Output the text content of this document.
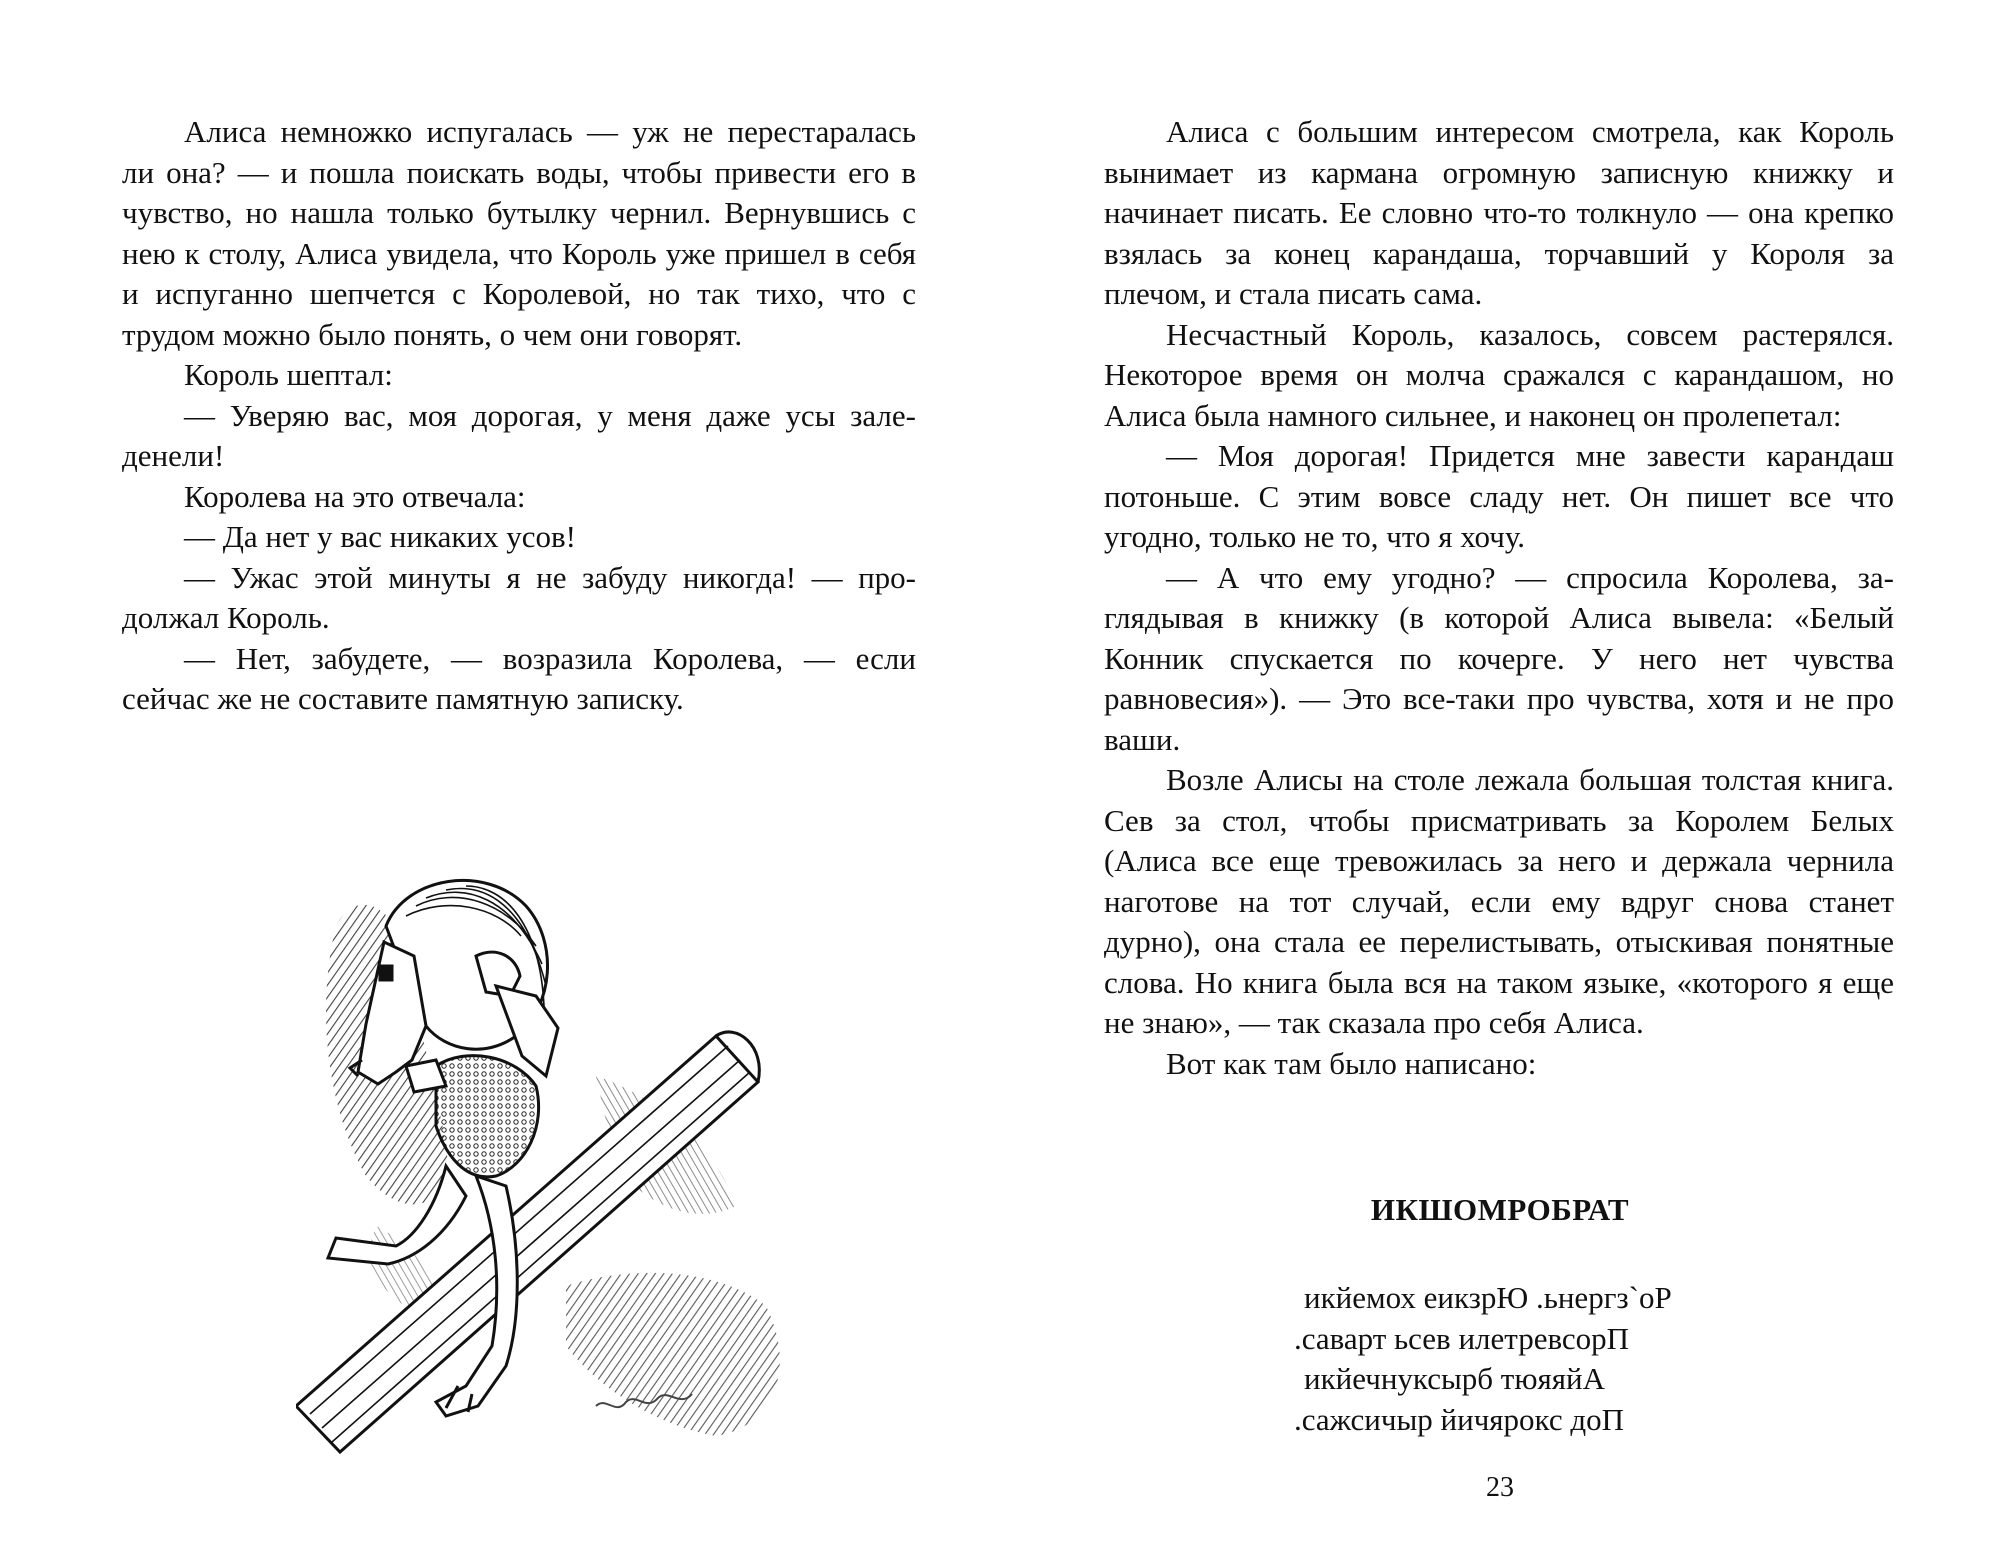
Алиса немножко испугалась — уж не перестаралась ли она? — и пошла поискать воды, чтобы привести его в чувство, но нашла только бутылку чернил. Вернувшись с нею к столу, Алиса увидела, что Король уже пришел в себя и испуганно шепчется с Королевой, но так тихо, что с трудом можно было понять, о чем они говорят.

Король шептал:

— Уверяю вас, моя дорогая, у меня даже усы заледенели!

Королева на это отвечала:

— Да нет у вас никаких усов!

— Ужас этой минуты я не забуду никогда! — продолжал Король.

— Нет, забудете, — возразила Королева, — если сейчас же не составите памятную записку.

Алиса с большим интересом смотрела, как Король вынимает из кармана огромную записную книжку и начинает писать. Ее словно что-то толкнуло — она крепко взялась за конец карандаша, торчавший у Короля за плечом, и стала писать сама.

Несчастный Король, казалось, совсем растерялся. Некоторое время он молча сражался с карандашом, но Алиса была намного сильнее, и наконец он пролепетал:

— Моя дорогая! Придется мне завести карандаш потоньше. С этим вовсе сладу нет. Он пишет все что угодно, только не то, что я хочу.

— А что ему угодно? — спросила Королева, заглядывая в книжку (в которой Алиса вывела: «Белый Конник спускается по кочерге. У него нет чувства равновесия»). — Это все-таки про чувства, хотя и не про ваши.

Возле Алисы на столе лежала большая толстая книга. Сев за стол, чтобы присматривать за Королем Белых (Алиса все еще тревожилась за него и держала чернила наготове на тот случай, если ему вдруг снова станет дурно), она стала ее перелистывать, отыскивая понятные слова. Но книга была вся на таком языке, «которого я еще не знаю», — так сказала про себя Алиса.

Вот как там было написано:

ИКШОМРОБРАТ
икйемох еикзрЮ .ьнергз`оР
.саварт ьсев илетревсорП
икйечнуксырб тюяяйА
.сажсичыр йичярокс доП
23
